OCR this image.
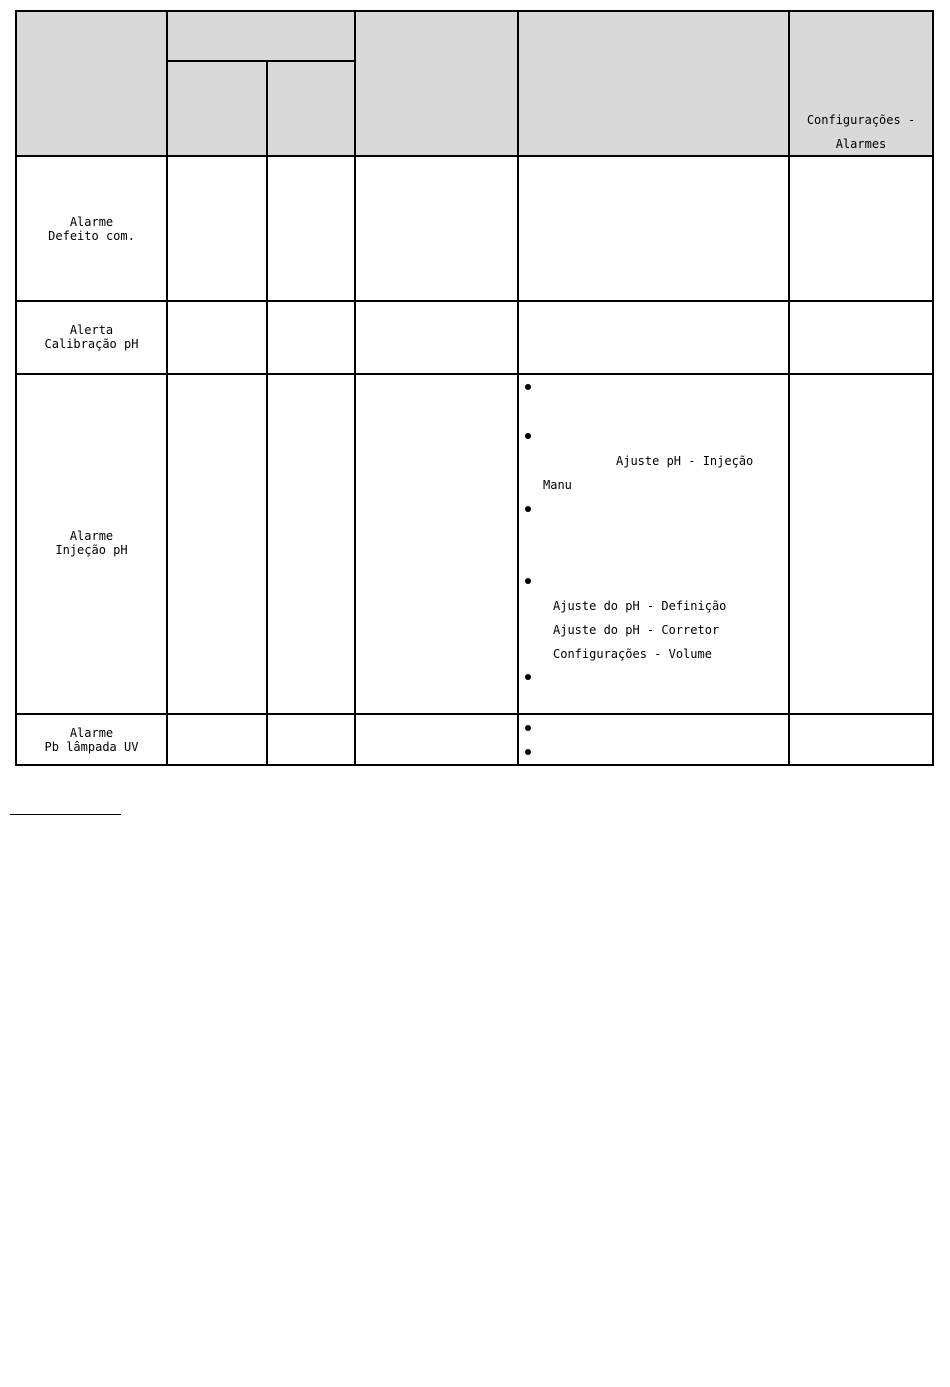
Configurações -
Alarmes
Alarme
Defeito com.
Alerta
Calibração pH
Alarme
Injeção pH
Ajuste pH - Injeção
Manu
Ajuste do pH - Definição
Ajuste do pH - Corretor
Configurações - Volume
Alarme
Pb lâmpada UV
